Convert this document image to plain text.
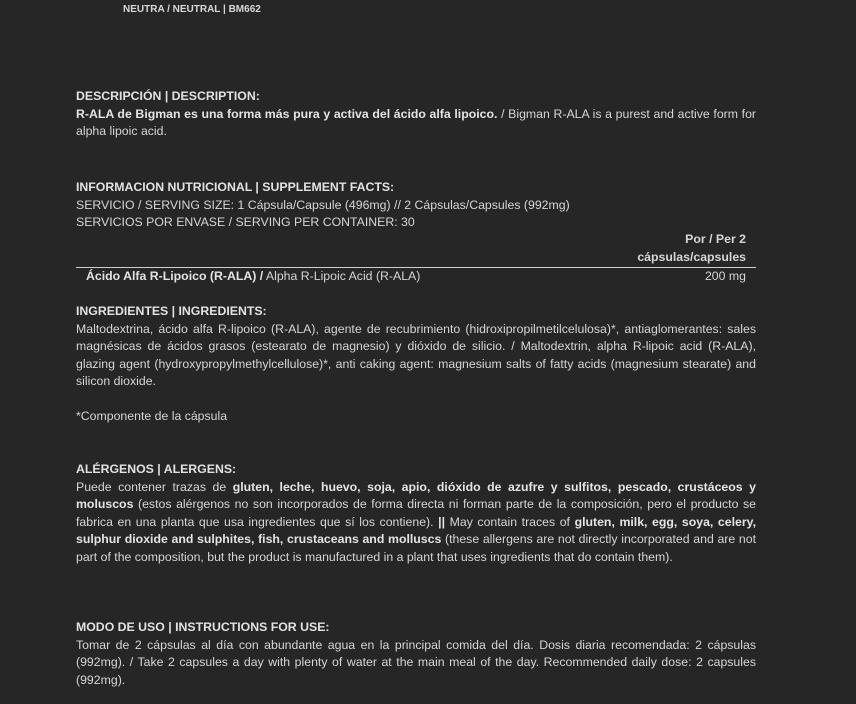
NEUTRA / NEUTRAL | BM662
DESCRIPCIÓN | DESCRIPTION:
R-ALA de Bigman es una forma más pura y activa del ácido alfa lipoico. / Bigman R-ALA is a purest and active form for alpha lipoic acid.
INFORMACION NUTRICIONAL | SUPPLEMENT FACTS:
SERVICIO / SERVING SIZE: 1 Cápsula/Capsule (496mg) // 2 Cápsulas/Capsules (992mg)
SERVICIOS POR ENVASE / SERVING PER CONTAINER: 30
Por / Per 2
cápsulas/capsules
Ácido Alfa R-Lipoico (R-ALA) / Alpha R-Lipoic Acid (R-ALA)	200 mg
INGREDIENTES | INGREDIENTS:
Maltodextrina, ácido alfa R-lipoico (R-ALA), agente de recubrimiento (hidroxipropilmetilcelulosa)*, antiaglomerantes: sales magnésicas de ácidos grasos (estearato de magnesio) y dióxido de silicio. / Maltodextrin, alpha R-lipoic acid (R-ALA), glazing agent (hydroxypropylmethylcellulose)*, anti caking agent: magnesium salts of fatty acids (magnesium stearate) and silicon dioxide.
*Componente de la cápsula
ALÉRGENOS | ALERGENS:
Puede contener trazas de gluten, leche, huevo, soja, apio, dióxido de azufre y sulfitos, pescado, crustáceos y moluscos (estos alérgenos no son incorporados de forma directa ni forman parte de la composición, pero el producto se fabrica en una planta que usa ingredientes que sí los contiene). || May contain traces of gluten, milk, egg, soya, celery, sulphur dioxide and sulphites, fish, crustaceans and molluscs (these allergens are not directly incorporated and are not part of the composition, but the product is manufactured in a plant that uses ingredients that do contain them).
MODO DE USO | INSTRUCTIONS FOR USE:
Tomar de 2 cápsulas al día con abundante agua en la principal comida del día. Dosis diaria recomendada: 2 cápsulas (992mg). / Take 2 capsules a day with plenty of water at the main meal of the day. Recommended daily dose: 2 capsules (992mg).
